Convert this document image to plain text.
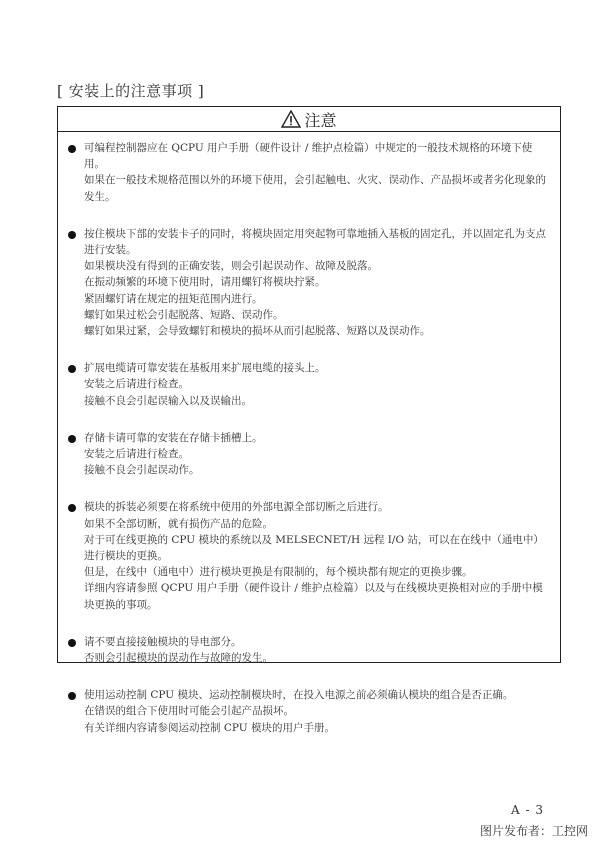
[ 安装上的注意事项 ]
注意

可编程控制器应在 QCPU 用户手册（硬件设计 / 维护点检篇）中规定的一般技术规格的环境下使用。

如果在一般技术规格范围以外的环境下使用，会引起触电、火灾、误动作、产品损坏或者劣化现象的发生。

按住模块下部的安装卡子的同时，将模块固定用突起物可靠地插入基板的固定孔，并以固定孔为支点进行安装。

如果模块没有得到的正确安装，则会引起误动作、故障及脱落。

在振动频繁的环境下使用时，请用螺钉将模块拧紧。

紧固螺钉请在规定的扭矩范围内进行。

螺钉如果过松会引起脱落、短路、误动作。

螺钉如果过紧，会导致螺钉和模块的损坏从而引起脱落、短路以及误动作。

扩展电缆请可靠安装在基板用来扩展电缆的接头上。

安装之后请进行检查。

接触不良会引起误输入以及误输出。

存储卡请可靠的安装在存储卡插槽上。

安装之后请进行检查。

接触不良会引起误动作。

模块的拆装必须要在将系统中使用的外部电源全部切断之后进行。

如果不全部切断，就有损伤产品的危险。

对于可在线更换的 CPU 模块的系统以及 MELSECNET/H 远程 I/O 站，可以在在线中（通电中）进行模块的更换。

但是，在线中（通电中）进行模块更换是有限制的，每个模块都有规定的更换步骤。

详细内容请参照 QCPU 用户手册（硬件设计 / 维护点检篇）以及与在线模块更换相对应的手册中模块更换的事项。

请不要直接接触模块的导电部分。

否则会引起模块的误动作与故障的发生。

使用运动控制 CPU 模块、运动控制模块时，在投入电源之前必须确认模块的组合是否正确。

在错误的组合下使用时可能会引起产品损坏。

有关详细内容请参阅运动控制 CPU 模块的用户手册。

A - 3
图片发布者：工控网
